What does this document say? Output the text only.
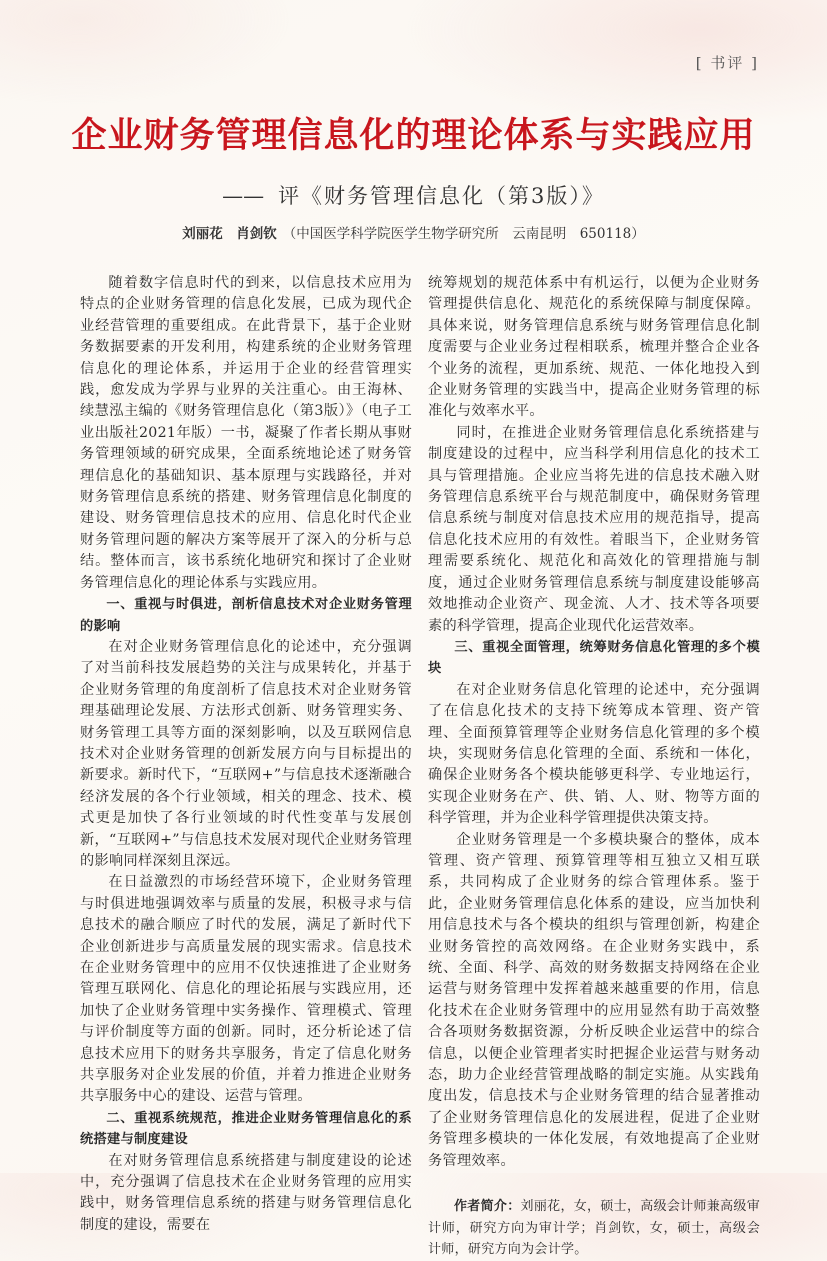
[ 书评 ]
企业财务管理信息化的理论体系与实践应用
—— 评《财务管理信息化（第3版）》
刘丽花　肖剑钦 （中国医学科学院医学生物学研究所　云南昆明　650118）

随着数字信息时代的到来，以信息技术应用为特点的企业财务管理的信息化发展，已成为现代企业经营管理的重要组成。在此背景下，基于企业财务数据要素的开发利用，构建系统的企业财务管理信息化的理论体系，并运用于企业的经营管理实践，愈发成为学界与业界的关注重心。由王海林、续慧泓主编的《财务管理信息化（第3版）》（电子工业出版社2021年版）一书，凝聚了作者长期从事财务管理领域的研究成果，全面系统地论述了财务管理信息化的基础知识、基本原理与实践路径，并对财务管理信息系统的搭建、财务管理信息化制度的建设、财务管理信息技术的应用、信息化时代企业财务管理问题的解决方案等展开了深入的分析与总结。整体而言，该书系统化地研究和探讨了企业财务管理信息化的理论体系与实践应用。

一、重视与时俱进，剖析信息技术对企业财务管理的影响

在对企业财务管理信息化的论述中，充分强调了对当前科技发展趋势的关注与成果转化，并基于企业财务管理的角度剖析了信息技术对企业财务管理基础理论发展、方法形式创新、财务管理实务、财务管理工具等方面的深刻影响，以及互联网信息技术对企业财务管理的创新发展方向与目标提出的新要求。新时代下，“互联网+”与信息技术逐渐融合经济发展的各个行业领域，相关的理念、技术、模式更是加快了各行业领域的时代性变革与发展创新，“互联网+”与信息技术发展对现代企业财务管理的影响同样深刻且深远。

在日益激烈的市场经营环境下，企业财务管理与时俱进地强调效率与质量的发展，积极寻求与信息技术的融合顺应了时代的发展，满足了新时代下企业创新进步与高质量发展的现实需求。信息技术在企业财务管理中的应用不仅快速推进了企业财务管理互联网化、信息化的理论拓展与实践应用，还加快了企业财务管理中实务操作、管理模式、管理与评价制度等方面的创新。同时，还分析论述了信息技术应用下的财务共享服务，肯定了信息化财务共享服务对企业发展的价值，并着力推进企业财务共享服务中心的建设、运营与管理。

二、重视系统规范，推进企业财务管理信息化的系统搭建与制度建设

在对财务管理信息系统搭建与制度建设的论述中，充分强调了信息技术在企业财务管理的应用实践中，财务管理信息系统的搭建与财务管理信息化制度的建设，需要在

统筹规划的规范体系中有机运行，以便为企业财务管理提供信息化、规范化的系统保障与制度保障。具体来说，财务管理信息系统与财务管理信息化制度需要与企业业务过程相联系，梳理并整合企业各个业务的流程，更加系统、规范、一体化地投入到企业财务管理的实践当中，提高企业财务管理的标准化与效率水平。

同时，在推进企业财务管理信息化系统搭建与制度建设的过程中，应当科学利用信息化的技术工具与管理措施。企业应当将先进的信息技术融入财务管理信息系统平台与规范制度中，确保财务管理信息系统与制度对信息技术应用的规范指导，提高信息化技术应用的有效性。着眼当下，企业财务管理需要系统化、规范化和高效化的管理措施与制度，通过企业财务管理信息系统与制度建设能够高效地推动企业资产、现金流、人才、技术等各项要素的科学管理，提高企业现代化运营效率。

三、重视全面管理，统筹财务信息化管理的多个模块

在对企业财务信息化管理的论述中，充分强调了在信息化技术的支持下统筹成本管理、资产管理、全面预算管理等企业财务信息化管理的多个模块，实现财务信息化管理的全面、系统和一体化，确保企业财务各个模块能够更科学、专业地运行，实现企业财务在产、供、销、人、财、物等方面的科学管理，并为企业科学管理提供决策支持。

企业财务管理是一个多模块聚合的整体，成本管理、资产管理、预算管理等相互独立又相互联系，共同构成了企业财务的综合管理体系。鉴于此，企业财务管理信息化体系的建设，应当加快利用信息技术与各个模块的组织与管理创新，构建企业财务管控的高效网络。在企业财务实践中，系统、全面、科学、高效的财务数据支持网络在企业运营与财务管理中发挥着越来越重要的作用，信息化技术在企业财务管理中的应用显然有助于高效整合各项财务数据资源，分析反映企业运营中的综合信息，以便企业管理者实时把握企业运营与财务动态，助力企业经营管理战略的制定实施。从实践角度出发，信息技术与企业财务管理的结合显著推动了企业财务管理信息化的发展进程，促进了企业财务管理多模块的一体化发展，有效地提高了企业财务管理效率。

作者简介：刘丽花，女，硕士，高级会计师兼高级审计师，研究方向为审计学；肖剑钦，女，硕士，高级会计师，研究方向为会计学。
